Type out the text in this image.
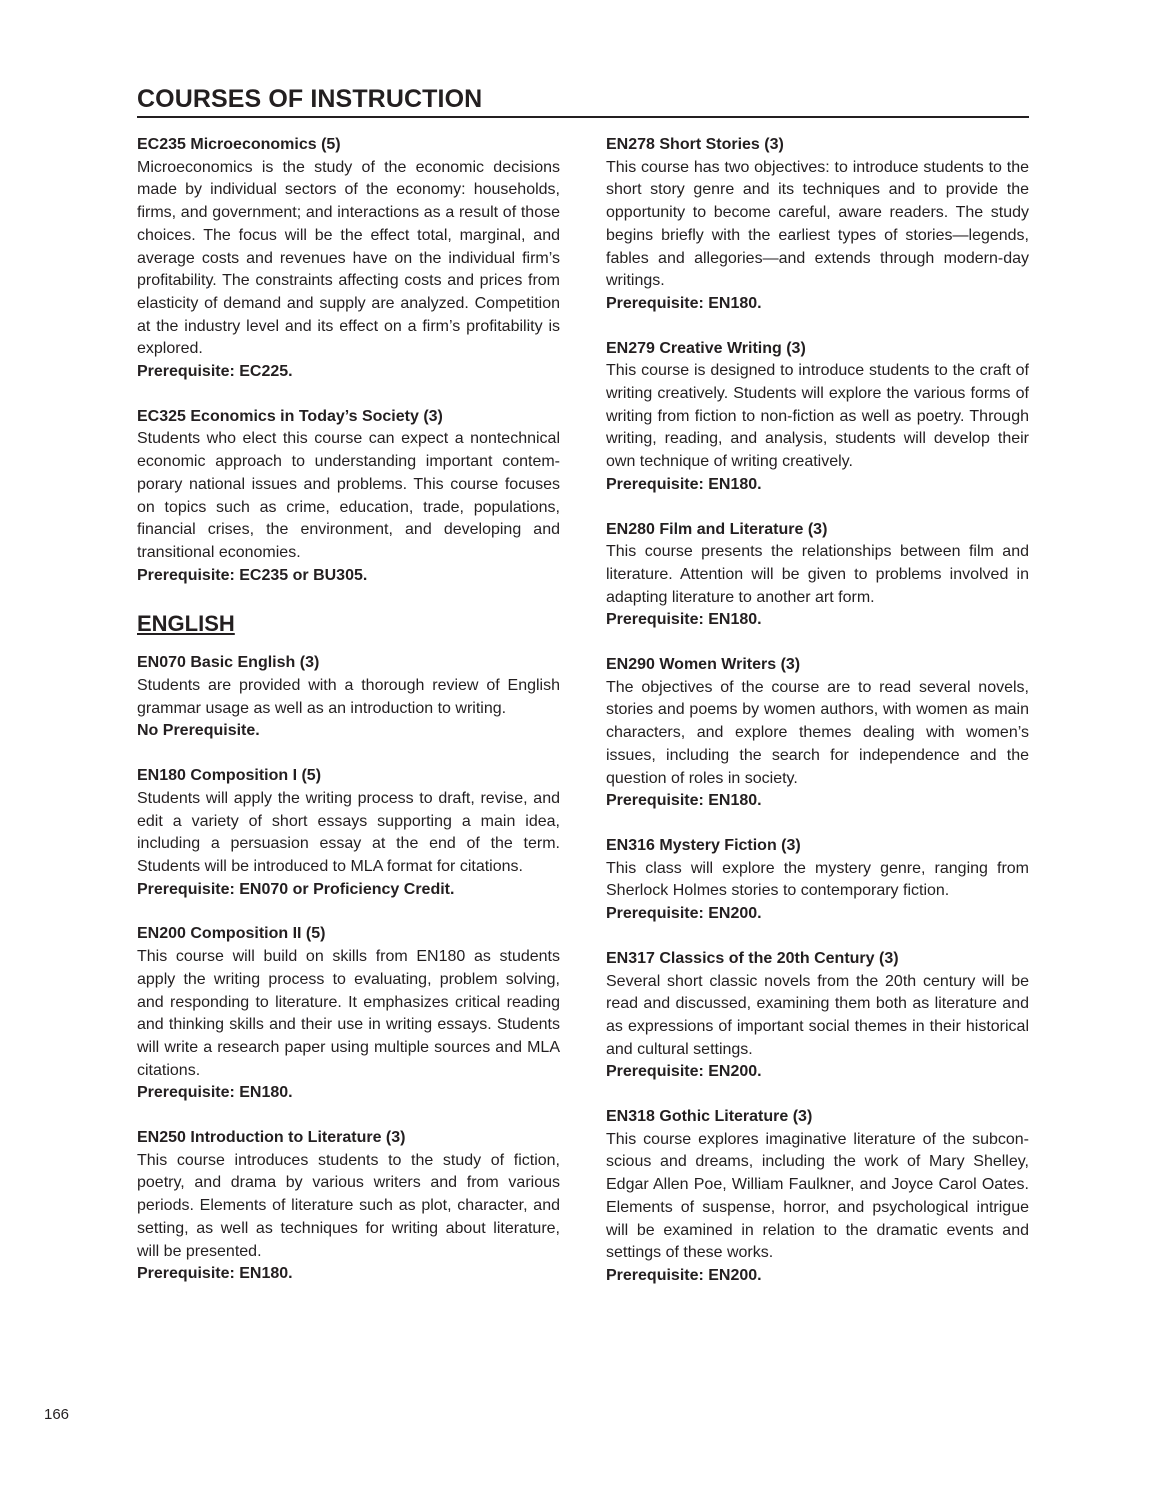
COURSES OF INSTRUCTION

EC235 Microeconomics (5)

Microeconomics is the study of the economic decisions made by individual sectors of the economy: households, firms, and government; and interactions as a result of those choices. The focus will be the effect total, marginal, and average costs and revenues have on the individual firm’s profitability. The constraints affecting costs and prices from elasticity of demand and supply are analyzed. Competition at the industry level and its effect on a firm’s profitability is explored.

Prerequisite: EC225.

EC325 Economics in Today’s Society (3)

Students who elect this course can expect a nontechnical economic approach to understanding important contemporary national issues and problems. This course focuses on topics such as crime, education, trade, populations, financial crises, the environment, and developing and transitional economies.

Prerequisite: EC235 or BU305.

ENGLISH

EN070 Basic English (3)

Students are provided with a thorough review of English grammar usage as well as an introduction to writing.

No Prerequisite.

EN180 Composition I (5)

Students will apply the writing process to draft, revise, and edit a variety of short essays supporting a main idea, including a persuasion essay at the end of the term. Students will be introduced to MLA format for citations.

Prerequisite: EN070 or Proficiency Credit.

EN200 Composition II (5)

This course will build on skills from EN180 as students apply the writing process to evaluating, problem solving, and responding to literature. It emphasizes critical reading and thinking skills and their use in writing essays. Students will write a research paper using multiple sources and MLA citations.

Prerequisite: EN180.

EN250 Introduction to Literature (3)

This course introduces students to the study of fiction, poetry, and drama by various writers and from various periods. Elements of literature such as plot, character, and setting, as well as techniques for writing about literature, will be presented.

Prerequisite: EN180.

EN278 Short Stories (3)

This course has two objectives: to introduce students to the short story genre and its techniques and to provide the opportunity to become careful, aware readers. The study begins briefly with the earliest types of stories—legends, fables and allegories—and extends through modern-day writings.

Prerequisite: EN180.

EN279 Creative Writing (3)

This course is designed to introduce students to the craft of writing creatively. Students will explore the various forms of writing from fiction to non-fiction as well as poetry. Through writing, reading, and analysis, students will develop their own technique of writing creatively.

Prerequisite: EN180.

EN280 Film and Literature (3)

This course presents the relationships between film and literature. Attention will be given to problems involved in adapting literature to another art form.

Prerequisite: EN180.

EN290 Women Writers (3)

The objectives of the course are to read several novels, stories and poems by women authors, with women as main characters, and explore themes dealing with women’s issues, including the search for independence and the question of roles in society.

Prerequisite: EN180.

EN316 Mystery Fiction (3)

This class will explore the mystery genre, ranging from Sherlock Holmes stories to contemporary fiction.

Prerequisite: EN200.

EN317 Classics of the 20th Century (3)

Several short classic novels from the 20th century will be read and discussed, examining them both as literature and as expressions of important social themes in their historical and cultural settings.

Prerequisite: EN200.

EN318 Gothic Literature (3)

This course explores imaginative literature of the subconscious and dreams, including the work of Mary Shelley, Edgar Allen Poe, William Faulkner, and Joyce Carol Oates. Elements of suspense, horror, and psychological intrigue will be examined in relation to the dramatic events and settings of these works.

Prerequisite: EN200.

166
